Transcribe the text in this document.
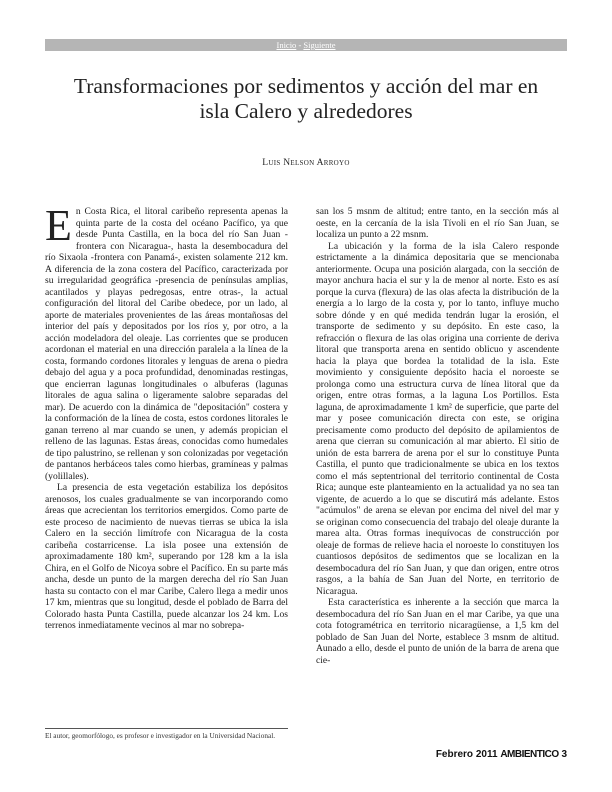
Inicio - Siguiente
Transformaciones por sedimentos y acción del mar en isla Calero y alrededores
Luis Nelson Arroyo

En Costa Rica, el litoral caribeño representa apenas la quinta parte de la costa del océano Pacífico, ya que desde Punta Castilla, en la boca del río San Juan -frontera con Nicaragua-, hasta la desembocadura del río Sixaola -frontera con Panamá-, existen solamente 212 km. A diferencia de la zona costera del Pacífico, caracterizada por su irregularidad geográfica -presencia de penínsulas amplias, acantilados y playas pedregosas, entre otras-, la actual configuración del litoral del Caribe obedece, por un lado, al aporte de materiales provenientes de las áreas montañosas del interior del país y depositados por los ríos y, por otro, a la acción modeladora del oleaje. Las corrientes que se producen acordonan el material en una dirección paralela a la línea de la costa, formando cordones litorales y lenguas de arena o piedra debajo del agua y a poca profundidad, denominadas restingas, que encierran lagunas longitudinales o albuferas (lagunas litorales de agua salina o ligeramente salobre separadas del mar). De acuerdo con la dinámica de "depositación" costera y la conformación de la línea de costa, estos cordones litorales le ganan terreno al mar cuando se unen, y además propician el relleno de las lagunas. Estas áreas, conocidas como humedales de tipo palustrino, se rellenan y son colonizadas por vegetación de pantanos herbáceos tales como hierbas, gramíneas y palmas (yolillales).

La presencia de esta vegetación estabiliza los depósitos arenosos, los cuales gradualmente se van incorporando como áreas que acrecientan los territorios emergidos. Como parte de este proceso de nacimiento de nuevas tierras se ubica la isla Calero en la sección limítrofe con Nicaragua de la costa caribeña costarricense. La isla posee una extensión de aproximadamente 180 km², superando por 128 km a la isla Chira, en el Golfo de Nicoya sobre el Pacífico. En su parte más ancha, desde un punto de la margen derecha del río San Juan hasta su contacto con el mar Caribe, Calero llega a medir unos 17 km, mientras que su longitud, desde el poblado de Barra del Colorado hasta Punta Castilla, puede alcanzar los 24 km. Los terrenos inmediatamente vecinos al mar no sobrepa-

san los 5 msnm de altitud; entre tanto, en la sección más al oeste, en la cercanía de la isla Tívoli en el río San Juan, se localiza un punto a 22 msnm.

La ubicación y la forma de la isla Calero responde estrictamente a la dinámica depositaria que se mencionaba anteriormente. Ocupa una posición alargada, con la sección de mayor anchura hacia el sur y la de menor al norte. Esto es así porque la curva (flexura) de las olas afecta la distribución de la energía a lo largo de la costa y, por lo tanto, influye mucho sobre dónde y en qué medida tendrán lugar la erosión, el transporte de sedimento y su depósito. En este caso, la refracción o flexura de las olas origina una corriente de deriva litoral que transporta arena en sentido oblicuo y ascendente hacia la playa que bordea la totalidad de la isla. Este movimiento y consiguiente depósito hacia el noroeste se prolonga como una estructura curva de línea litoral que da origen, entre otras formas, a la laguna Los Portillos. Esta laguna, de aproximadamente 1 km² de superficie, que parte del mar y posee comunicación directa con este, se origina precisamente como producto del depósito de apilamientos de arena que cierran su comunicación al mar abierto. El sitio de unión de esta barrera de arena por el sur lo constituye Punta Castilla, el punto que tradicionalmente se ubica en los textos como el más septentrional del territorio continental de Costa Rica; aunque este planteamiento en la actualidad ya no sea tan vigente, de acuerdo a lo que se discutirá más adelante. Estos "acúmulos" de arena se elevan por encima del nivel del mar y se originan como consecuencia del trabajo del oleaje durante la marea alta. Otras formas inequívocas de construcción por oleaje de formas de relieve hacia el noroeste lo constituyen los cuantiosos depósitos de sedimentos que se localizan en la desembocadura del río San Juan, y que dan origen, entre otros rasgos, a la bahía de San Juan del Norte, en territorio de Nicaragua.

Esta característica es inherente a la sección que marca la desembocadura del río San Juan en el mar Caribe, ya que una cota fotogramétrica en territorio nicaragüense, a 1,5 km del poblado de San Juan del Norte, establece 3 msnm de altitud. Aunado a ello, desde el punto de unión de la barra de arena que cie-

El autor, geomorfólogo, es profesor e investigador en la Universidad Nacional.
Febrero 2011 AMBIENTICO 3
